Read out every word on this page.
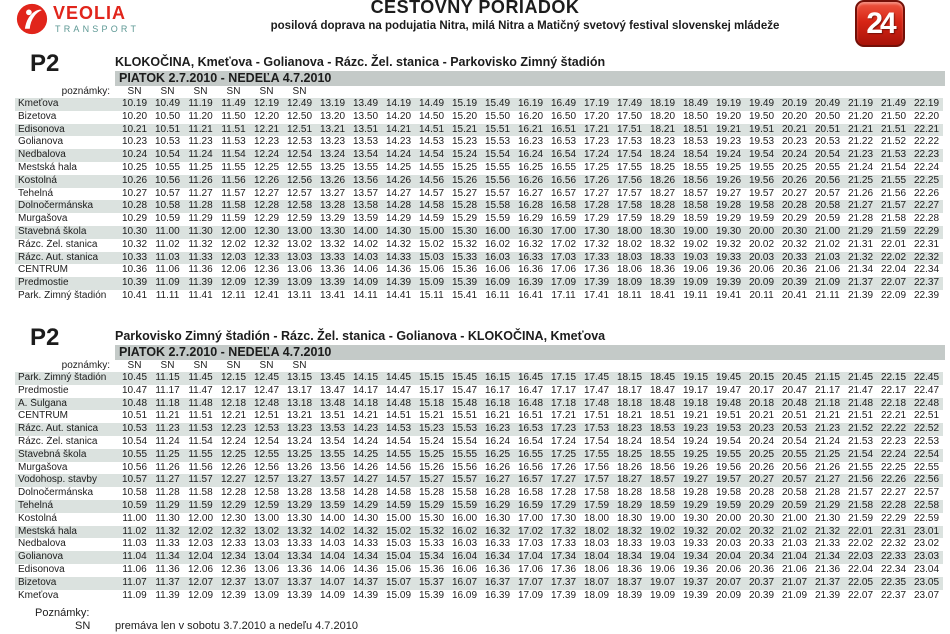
VEOLIA
TRANSPORT
CESTOVNY PORIADOK
posilová doprava na podujatia Nitra, milá Nitra a Matičný svetový festival slovenskej mládeže	24
P2	KLOKOČINA, Kmeťova - Golianova - Rázc. Žel. stanica - Parkovisko Zimný štadión
PIATOK 2.7.2010 - NEDEĽA 4.7.2010
poznámky:	SN	SN	SN	SN	SN	SN
Kmeťova	10.19 10.49 11.19 11.49 12.19 12.49 13.19 13.49 14.19 14.49 15.19 15.49 16.19 16.49 17.19 17.49 18.19 18.49 19.19 19.49 20.19 20.49 21.19 21.49 22.19
Bizetova	10.20 10.50 11.20 11.50 12.20 12.50 13.20 13.50 14.20 14.50 15.20 15.50 16.20 16.50 17.20 17.50 18.20 18.50 19.20 19.50 20.20 20.50 21.20 21.50 22.20
Edisonova	10.21 10.51 11.21 11.51 12.21 12.51 13.21 13.51 14.21 14.51 15.21 15.51 16.21 16.51 17.21 17.51 18.21 18.51 19.21 19.51 20.21 20.51 21.21 21.51 22.21
Golianova	10.23 10.53 11.23 11.53 12.23 12.53 13.23 13.53 14.23 14.53 15.23 15.53 16.23 16.53 17.23 17.53 18.23 18.53 19.23 19.53 20.23 20.53 21.22 21.52 22.22
Nedbalova	10.24 10.54 11.24 11.54 12.24 12.54 13.24 13.54 14.24 14.54 15.24 15.54 16.24 16.54 17.24 17.54 18.24 18.54 19.24 19.54 20.24 20.54 21.23 21.53 22.23
Mestská hala	10.25 10.55 11.25 11.55 12.25 12.55 13.25 13.55 14.25 14.55 15.25 15.55 16.25 16.55 17.25 17.55 18.25 18.55 19.25 19.55 20.25 20.55 21.24 21.54 22.24
Kostolná	10.26 10.56 11.26 11.56 12.26 12.56 13.26 13.56 14.26 14.56 15.26 15.56 16.26 16.56 17.26 17.56 18.26 18.56 19.26 19.56 20.26 20.56 21.25 21.55 22.25
Tehelná	10.27 10.57 11.27 11.57 12.27 12.57 13.27 13.57 14.27 14.57 15.27 15.57 16.27 16.57 17.27 17.57 18.27 18.57 19.27 19.57 20.27 20.57 21.26 21.56 22.26
Dolnočermánska	10.28 10.58 11.28 11.58 12.28 12.58 13.28 13.58 14.28 14.58 15.28 15.58 16.28 16.58 17.28 17.58 18.28 18.58 19.28 19.58 20.28 20.58 21.27 21.57 22.27
Murgašova	10.29 10.59 11.29 11.59 12.29 12.59 13.29 13.59 14.29 14.59 15.29 15.59 16.29 16.59 17.29 17.59 18.29 18.59 19.29 19.59 20.29 20.59 21.28 21.58 22.28
Stavebná škola	10.30 11.00 11.30 12.00 12.30 13.00 13.30 14.00 14.30 15.00 15.30 16.00 16.30 17.00 17.30 18.00 18.30 19.00 19.30 20.00 20.30 21.00 21.29 21.59 22.29
Rázc. Žel. stanica	10.32 11.02 11.32 12.02 12.32 13.02 13.32 14.02 14.32 15.02 15.32 16.02 16.32 17.02 17.32 18.02 18.32 19.02 19.32 20.02 20.32 21.02 21.31 22.01 22.31
Rázc. Aut. stanica	10.33 11.03 11.33 12.03 12.33 13.03 13.33 14.03 14.33 15.03 15.33 16.03 16.33 17.03 17.33 18.03 18.33 19.03 19.33 20.03 20.33 21.03 21.32 22.02 22.32
CENTRUM	10.36 11.06 11.36 12.06 12.36 13.06 13.36 14.06 14.36 15.06 15.36 16.06 16.36 17.06 17.36 18.06 18.36 19.06 19.36 20.06 20.36 21.06 21.34 22.04 22.34
Predmostie	10.39 11.09 11.39 12.09 12.39 13.09 13.39 14.09 14.39 15.09 15.39 16.09 16.39 17.09 17.39 18.09 18.39 19.09 19.39 20.09 20.39 21.09 21.37 22.07 22.37
Park. Zimný štadión	10.41 11.11 11.41 12.11 12.41 13.11 13.41 14.11 14.41 15.11 15.41 16.11 16.41 17.11 17.41 18.11 18.41 19.11 19.41 20.11 20.41 21.11 21.39 22.09 22.39
P2	Parkovisko Zimný štadión - Rázc. Žel. stanica - Golianova - KLOKOČINA, Kmeťova
PIATOK 2.7.2010 - NEDEĽA 4.7.2010
poznámky:	SN	SN	SN	SN	SN	SN
Park. Zimný štadión	10.45 11.15 11.45 12.15 12.45 13.15 13.45 14.15 14.45 15.15 15.45 16.15 16.45 17.15 17.45 18.15 18.45 19.15 19.45 20.15 20.45 21.15 21.45 22.15 22.45
Predmostie	10.47 11.17 11.47 12.17 12.47 13.17 13.47 14.17 14.47 15.17 15.47 16.17 16.47 17.17 17.47 18.17 18.47 19.17 19.47 20.17 20.47 21.17 21.47 22.17 22.47
A. Šulgana	10.48 11.18 11.48 12.18 12.48 13.18 13.48 14.18 14.48 15.18 15.48 16.18 16.48 17.18 17.48 18.18 18.48 19.18 19.48 20.18 20.48 21.18 21.48 22.18 22.48
CENTRUM	10.51 11.21 11.51 12.21 12.51 13.21 13.51 14.21 14.51 15.21 15.51 16.21 16.51 17.21 17.51 18.21 18.51 19.21 19.51 20.21 20.51 21.21 21.51 22.21 22.51
Rázc. Aut. stanica	10.53 11.23 11.53 12.23 12.53 13.23 13.53 14.23 14.53 15.23 15.53 16.23 16.53 17.23 17.53 18.23 18.53 19.23 19.53 20.23 20.53 21.23 21.52 22.22 22.52
Rázc. Žel. stanica	10.54 11.24 11.54 12.24 12.54 13.24 13.54 14.24 14.54 15.24 15.54 16.24 16.54 17.24 17.54 18.24 18.54 19.24 19.54 20.24 20.54 21.24 21.53 22.23 22.53
Stavebná škola	10.55 11.25 11.55 12.25 12.55 13.25 13.55 14.25 14.55 15.25 15.55 16.25 16.55 17.25 17.55 18.25 18.55 19.25 19.55 20.25 20.55 21.25 21.54 22.24 22.54
Murgašova	10.56 11.26 11.56 12.26 12.56 13.26 13.56 14.26 14.56 15.26 15.56 16.26 16.56 17.26 17.56 18.26 18.56 19.26 19.56 20.26 20.56 21.26 21.55 22.25 22.55
Vodohosp. stavby	10.57 11.27 11.57 12.27 12.57 13.27 13.57 14.27 14.57 15.27 15.57 16.27 16.57 17.27 17.57 18.27 18.57 19.27 19.57 20.27 20.57 21.27 21.56 22.26 22.56
Dolnočermánska	10.58 11.28 11.58 12.28 12.58 13.28 13.58 14.28 14.58 15.28 15.58 16.28 16.58 17.28 17.58 18.28 18.58 19.28 19.58 20.28 20.58 21.28 21.57 22.27 22.57
Tehelná	10.59 11.29 11.59 12.29 12.59 13.29 13.59 14.29 14.59 15.29 15.59 16.29 16.59 17.29 17.59 18.29 18.59 19.29 19.59 20.29 20.59 21.29 21.58 22.28 22.58
Kostolná	11.00 11.30 12.00 12.30 13.00 13.30 14.00 14.30 15.00 15.30 16.00 16.30 17.00 17.30 18.00 18.30 19.00 19.30 20.00 20.30 21.00 21.30 21.59 22.29 22.59
Mestská hala	11.02 11.32 12.02 12.32 13.02 13.32 14.02 14.32 15.02 15.32 16.02 16.32 17.02 17.32 18.02 18.32 19.02 19.32 20.02 20.32 21.02 21.32 22.01 22.31 23.01
Nedbalova	11.03 11.33 12.03 12.33 13.03 13.33 14.03 14.33 15.03 15.33 16.03 16.33 17.03 17.33 18.03 18.33 19.03 19.33 20.03 20.33 21.03 21.33 22.02 22.32 23.02
Golianova	11.04 11.34 12.04 12.34 13.04 13.34 14.04 14.34 15.04 15.34 16.04 16.34 17.04 17.34 18.04 18.34 19.04 19.34 20.04 20.34 21.04 21.34 22.03 22.33 23.03
Edisonova	11.06 11.36 12.06 12.36 13.06 13.36 14.06 14.36 15.06 15.36 16.06 16.36 17.06 17.36 18.06 18.36 19.06 19.36 20.06 20.36 21.06 21.36 22.04 22.34 23.04
Bizetova	11.07 11.37 12.07 12.37 13.07 13.37 14.07 14.37 15.07 15.37 16.07 16.37 17.07 17.37 18.07 18.37 19.07 19.37 20.07 20.37 21.07 21.37 22.05 22.35 23.05
Kmeťova	11.09 11.39 12.09 12.39 13.09 13.39 14.09 14.39 15.09 15.39 16.09 16.39 17.09 17.39 18.09 18.39 19.09 19.39 20.09 20.39 21.09 21.39 22.07 22.37 23.07
Poznámky:
SN premáva len v sobotu 3.7.2010 a nedeľu 4.7.2010
